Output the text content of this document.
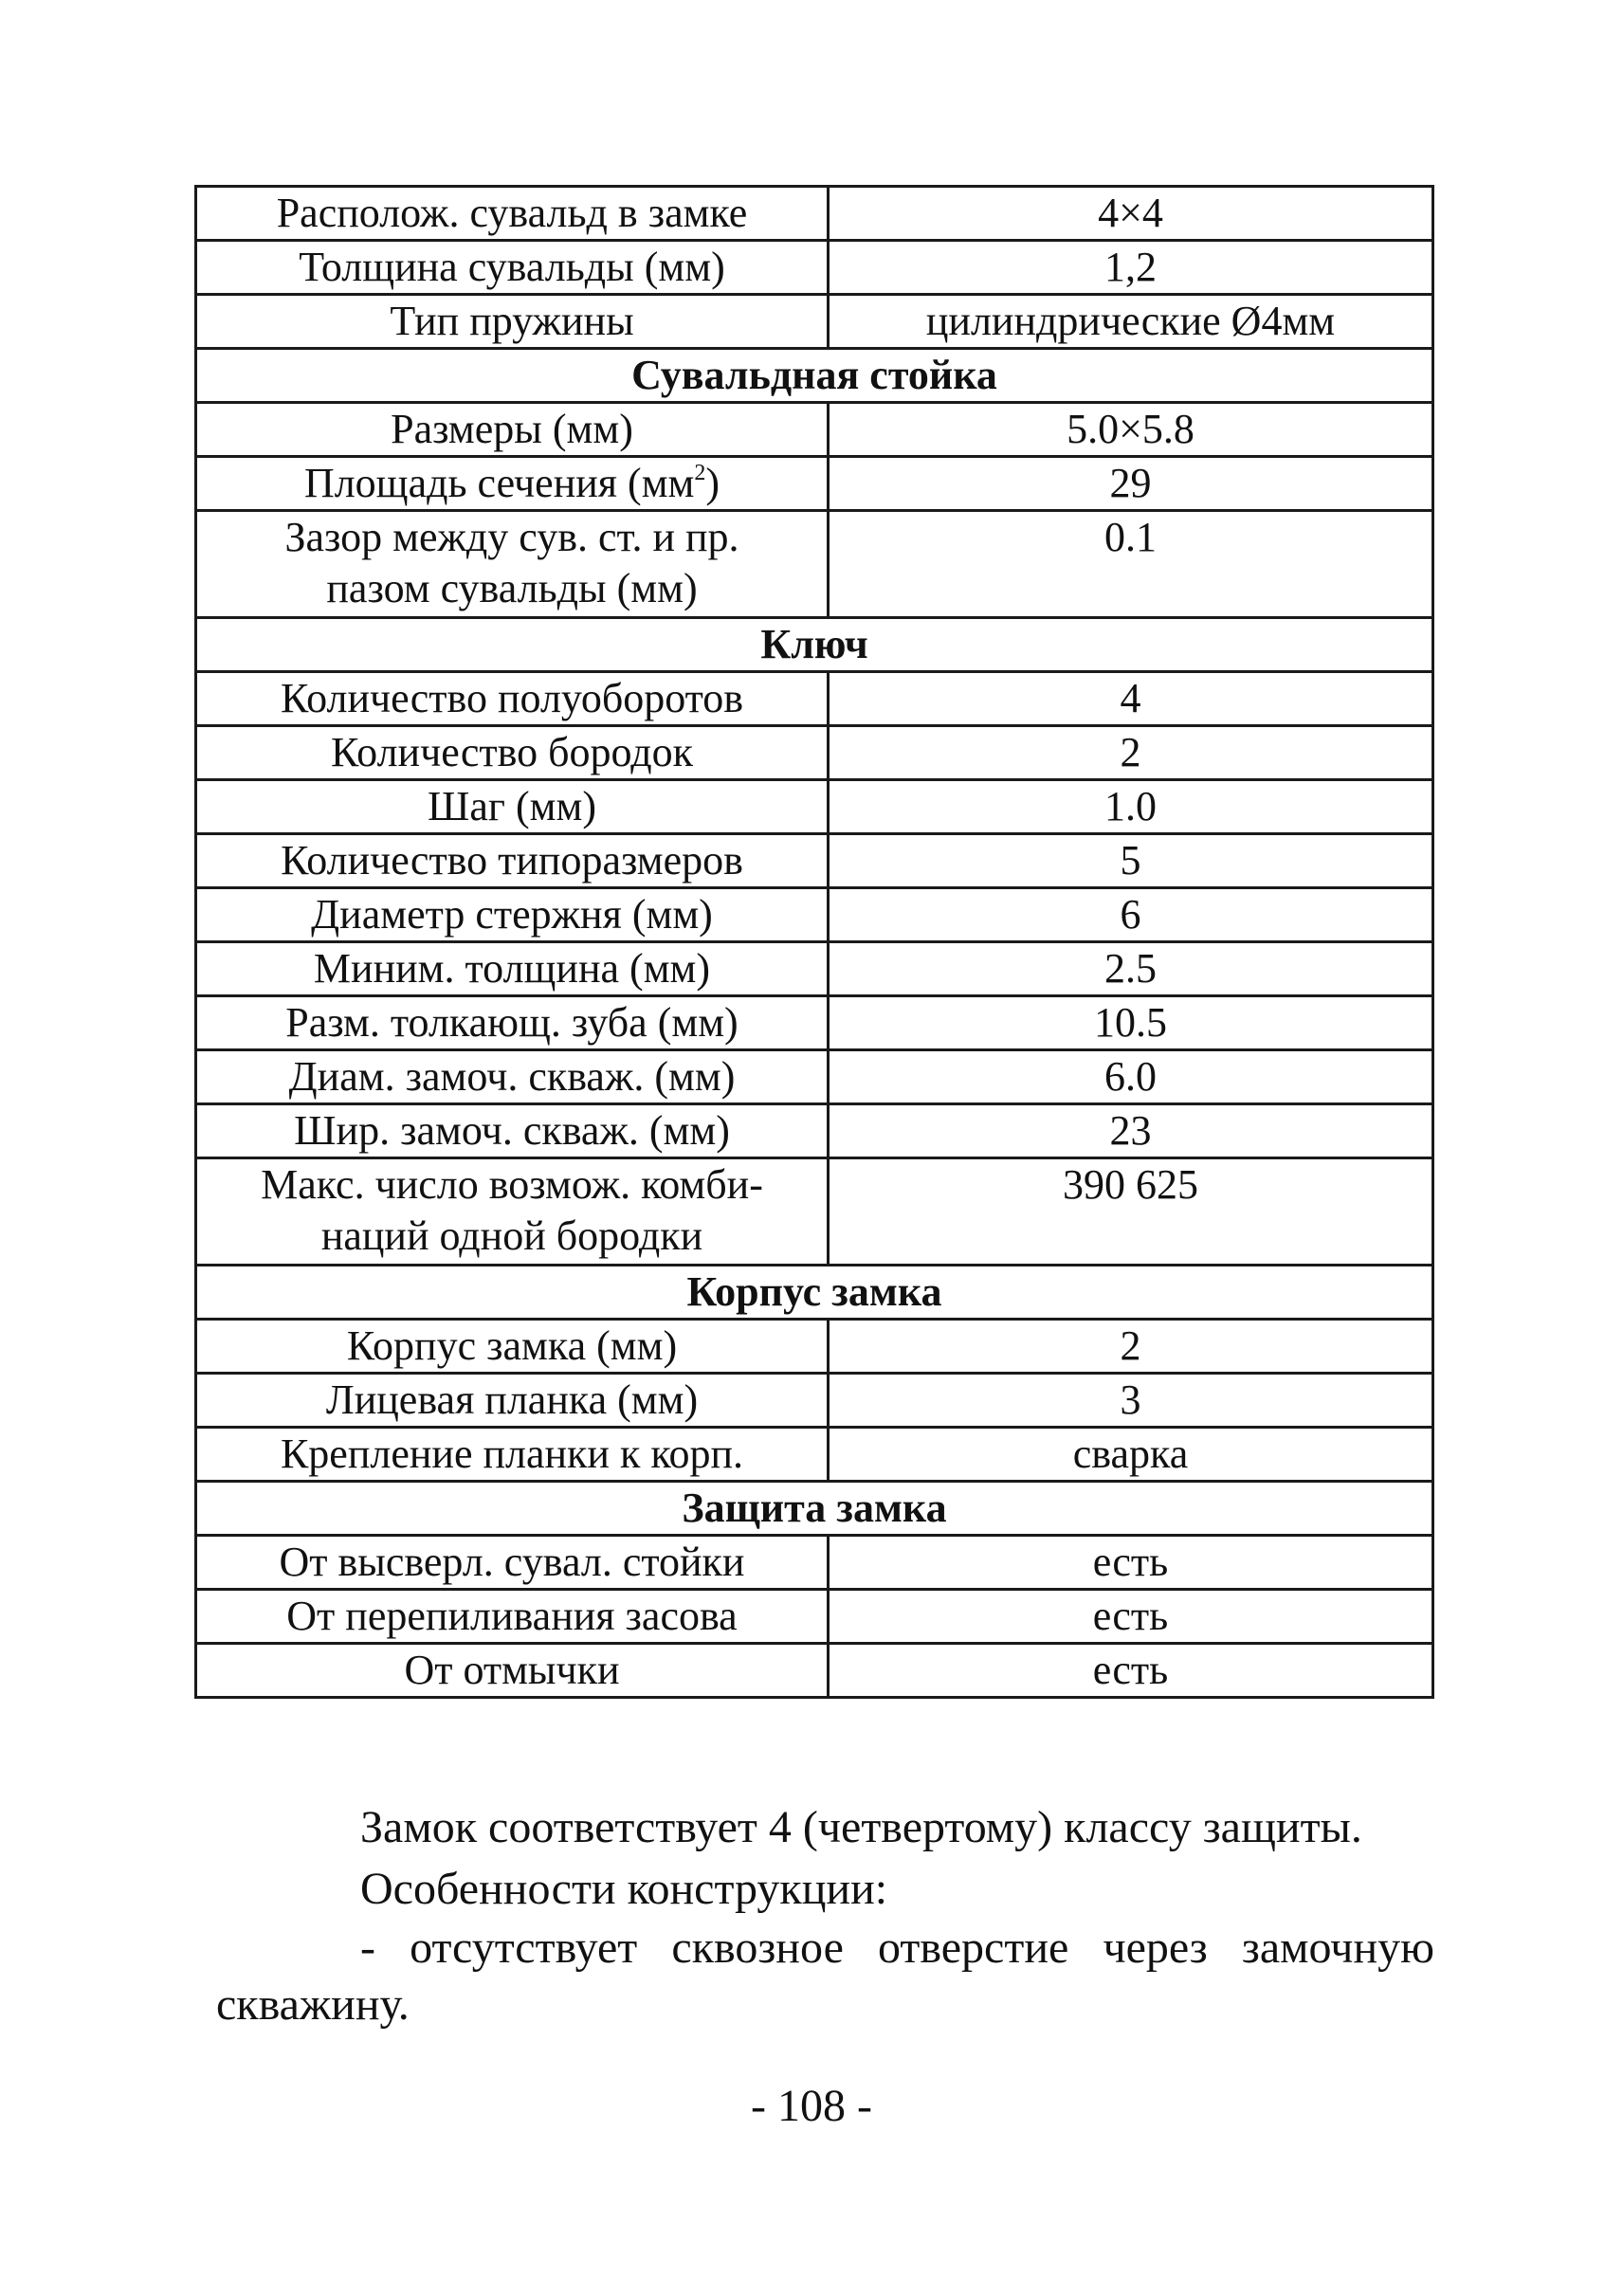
Располож. сувальд в замке	4×4
Толщина сувальды (мм)	1,2
Тип пружины	цилиндрические Ø4мм
Сувальдная стойка	
Размеры (мм)	5.0×5.8
Площадь сечения $(мм^2)$	29
Зазор между сув. ст. и пр.
пазом сувальды (мм)	0.1
Ключ	
Количество полуоборотов	4
Количество бородок	2
Шаг (мм)	1.0
Количество типоразмеров	5
Диаметр стержня (мм)	6
Миним. толщина (мм)	2.5
Разм. толкающ. зуба (мм)	10.5
Диам. замоч. скваж. (мм)	6.0
Шир. замоч. скваж. (мм)	23
Макс. число возмож. комби-
наций одной бородки	390 625
Корпус замка	
Корпус замка (мм)	2
Лицевая планка (мм)	3
Крепление планки к корп.	сварка
Защита замка	
От высверл. сувал. стойки	есть
От перепиливания засова	есть
От отмычки	есть

Замок соответствует 4 (четвертому) классу защиты.

Особенности конструкции:

- отсутствует сквозное отверстие через замочную скважину.

- 108 -
